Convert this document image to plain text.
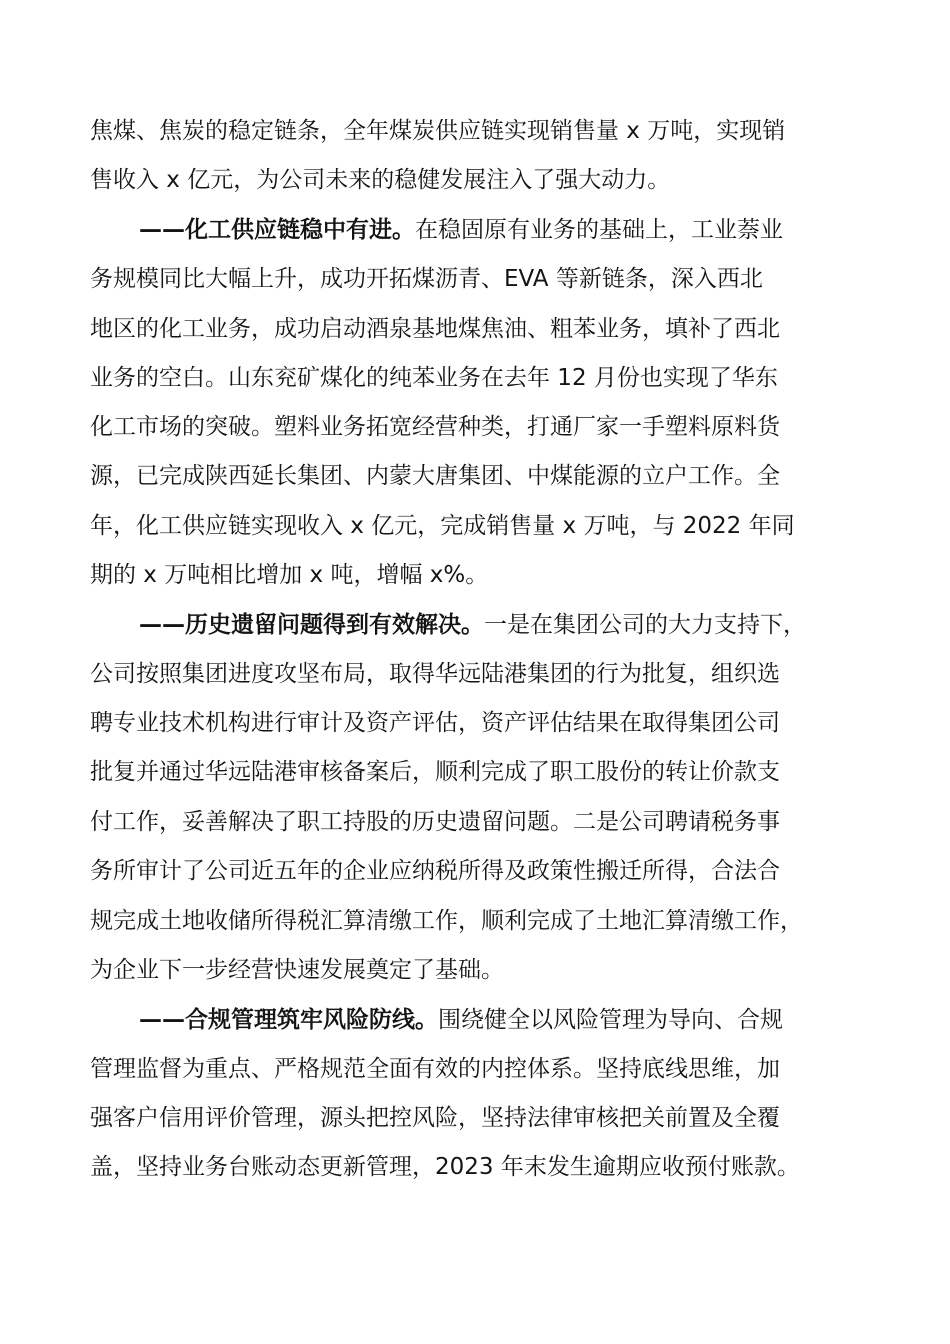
焦煤、焦炭的稳定链条，全年煤炭供应链实现销售量 x 万吨，实现销
售收入 x 亿元，为公司未来的稳健发展注入了强大动力。
——化工供应链稳中有进。在稳固原有业务的基础上，工业萘业
务规模同比大幅上升，成功开拓煤沥青、EVA 等新链条，深入西北
地区的化工业务，成功启动酒泉基地煤焦油、粗苯业务，填补了西北
业务的空白。山东兖矿煤化的纯苯业务在去年 12 月份也实现了华东
化工市场的突破。塑料业务拓宽经营种类，打通厂家一手塑料原料货
源，已完成陕西延长集团、内蒙大唐集团、中煤能源的立户工作。全
年，化工供应链实现收入 x 亿元，完成销售量 x 万吨，与 2022 年同
期的 x 万吨相比增加 x 吨，增幅 x%。
——历史遗留问题得到有效解决。一是在集团公司的大力支持下，
公司按照集团进度攻坚布局，取得华远陆港集团的行为批复，组织选
聘专业技术机构进行审计及资产评估，资产评估结果在取得集团公司
批复并通过华远陆港审核备案后，顺利完成了职工股份的转让价款支
付工作，妥善解决了职工持股的历史遗留问题。二是公司聘请税务事
务所审计了公司近五年的企业应纳税所得及政策性搬迁所得，合法合
规完成土地收储所得税汇算清缴工作，顺利完成了土地汇算清缴工作，
为企业下一步经营快速发展奠定了基础。
——合规管理筑牢风险防线。围绕健全以风险管理为导向、合规
管理监督为重点、严格规范全面有效的内控体系。坚持底线思维，加
强客户信用评价管理，源头把控风险，坚持法律审核把关前置及全覆
盖，坚持业务台账动态更新管理，2023 年末发生逾期应收预付账款。
